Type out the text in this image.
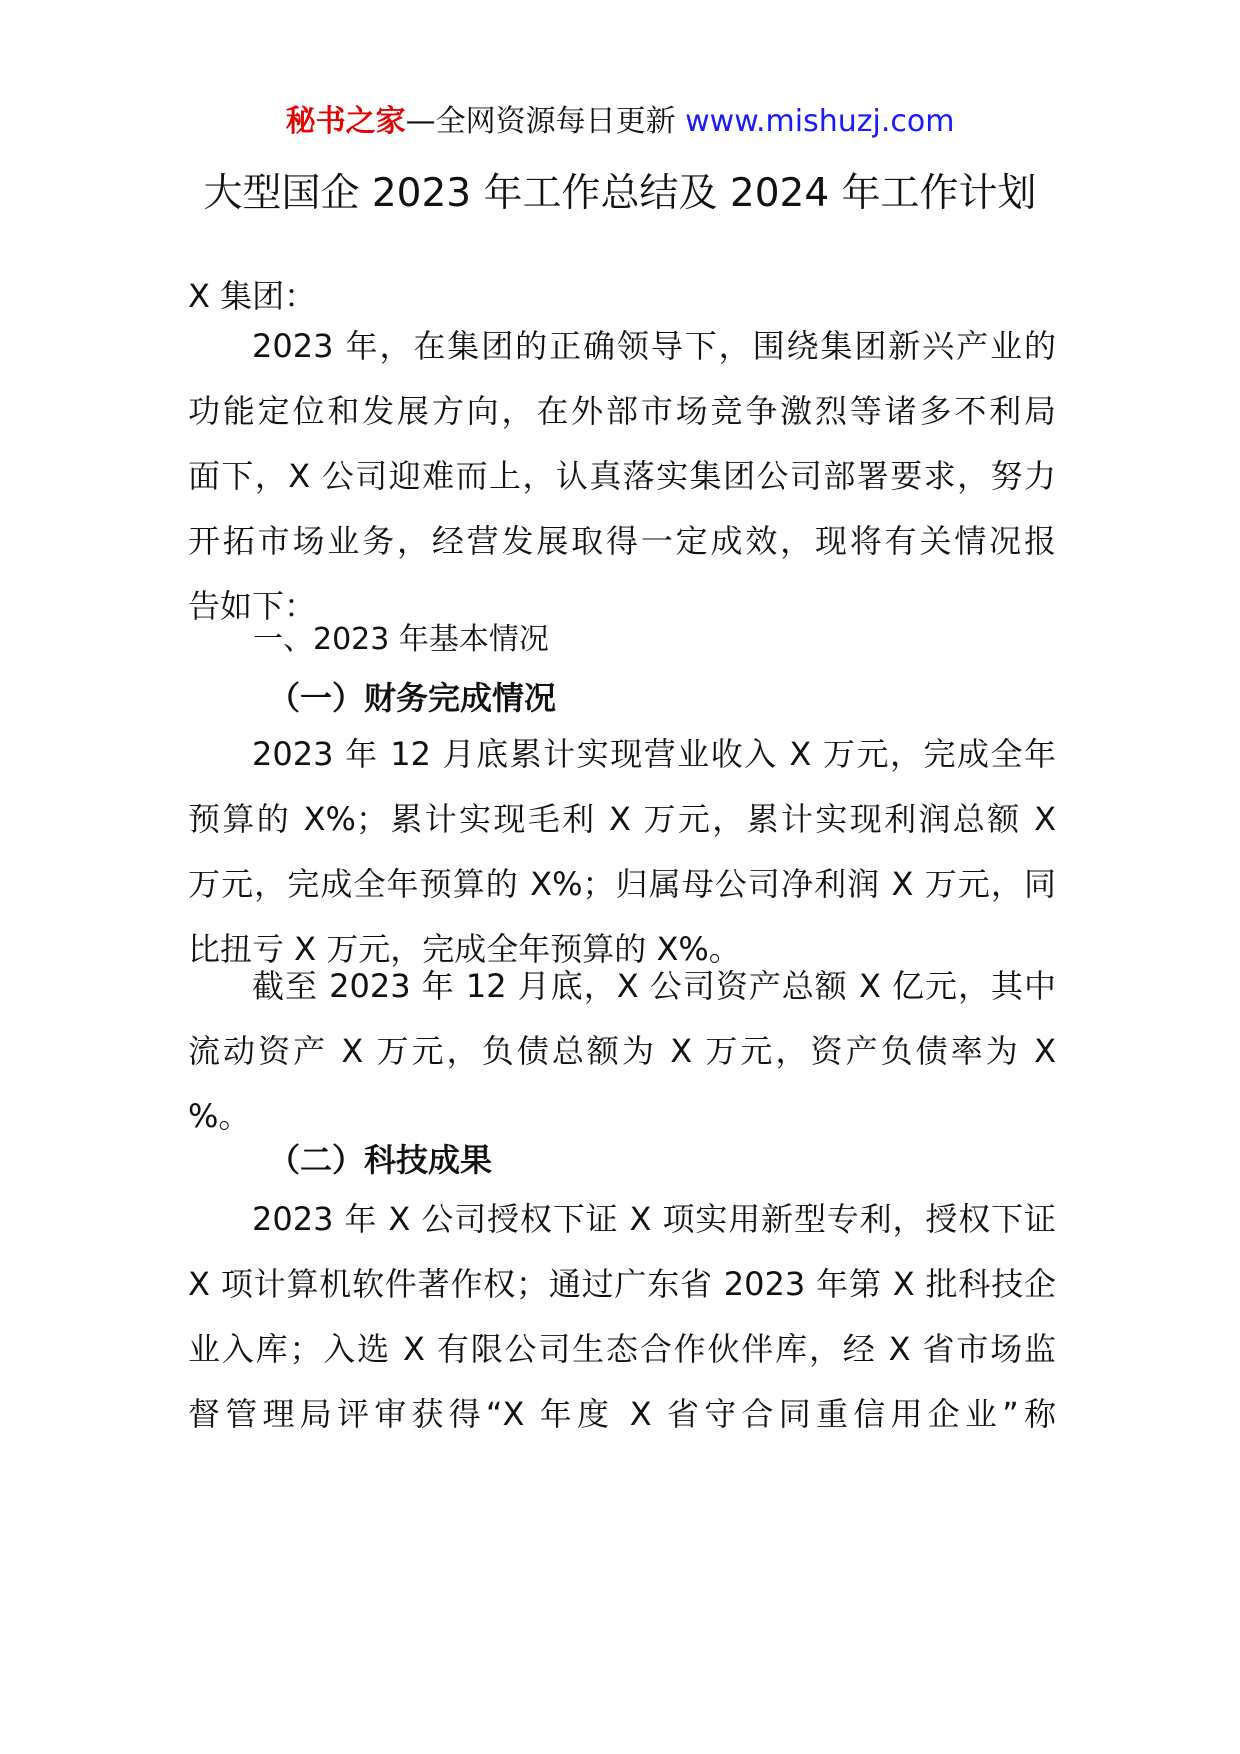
秘书之家—全网资源每日更新 www.mishuzj.com
大型国企 2023 年工作总结及 2024 年工作计划
X 集团：
2023 年，在集团的正确领导下，围绕集团新兴产业的
功能定位和发展方向，在外部市场竞争激烈等诸多不利局
面下，X 公司迎难而上，认真落实集团公司部署要求，努力
开拓市场业务，经营发展取得一定成效，现将有关情况报
告如下：
一、2023 年基本情况
（一）财务完成情况
2023 年 12 月底累计实现营业收入 X 万元，完成全年
预算的 X%；累计实现毛利 X 万元，累计实现利润总额 X
万元，完成全年预算的 X%；归属母公司净利润 X 万元，同
比扭亏 X 万元，完成全年预算的 X%。
截至 2023 年 12 月底，X 公司资产总额 X 亿元，其中
流动资产 X 万元，负债总额为 X 万元，资产负债率为 X
%。
（二）科技成果
2023 年 X 公司授权下证 X 项实用新型专利，授权下证
X 项计算机软件著作权；通过广东省 2023 年第 X 批科技企
业入库；入选 X 有限公司生态合作伙伴库，经 X 省市场监
督管理局评审获得“X 年度 X 省守合同重信用企业”称
